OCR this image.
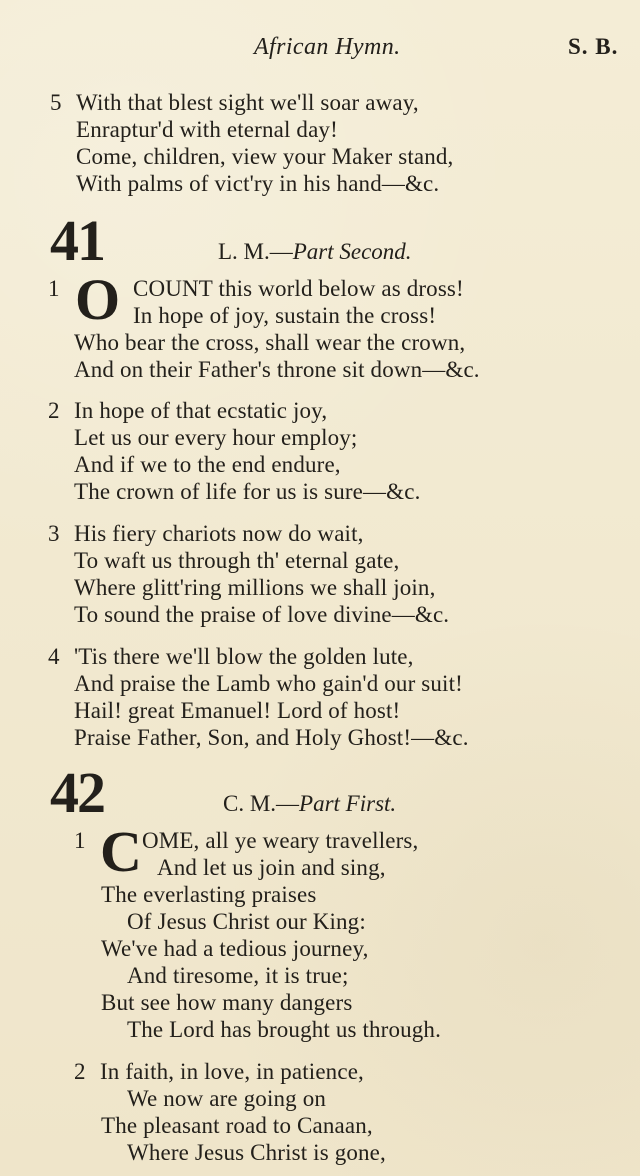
African Hymn.	S. B.
5 With that blest sight we'll soar away,
Enraptur'd with eternal day!
Come, children, view your Maker stand,
With palms of vict'ry in his hand—&c.
41	L. M.—Part Second.
1 O COUNT this world below as dross!
In hope of joy, sustain the cross!
Who bear the cross, shall wear the crown,
And on their Father's throne sit down—&c.
2 In hope of that ecstatic joy,
Let us our every hour employ;
And if we to the end endure,
The crown of life for us is sure—&c.
3 His fiery chariots now do wait,
To waft us through th' eternal gate,
Where glitt'ring millions we shall join,
To sound the praise of love divine—&c.
4 'Tis there we'll blow the golden lute,
And praise the Lamb who gain'd our suit!
Hail! great Emanuel! Lord of host!
Praise Father, Son, and Holy Ghost!—&c.
42	C. M.—Part First.
1 C OME, all ye weary travellers,
And let us join and sing,
The everlasting praises
Of Jesus Christ our King:
We've had a tedious journey,
And tiresome, it is true;
But see how many dangers
The Lord has brought us through.
2 In faith, in love, in patience,
We now are going on
The pleasant road to Canaan,
Where Jesus Christ is gone,
